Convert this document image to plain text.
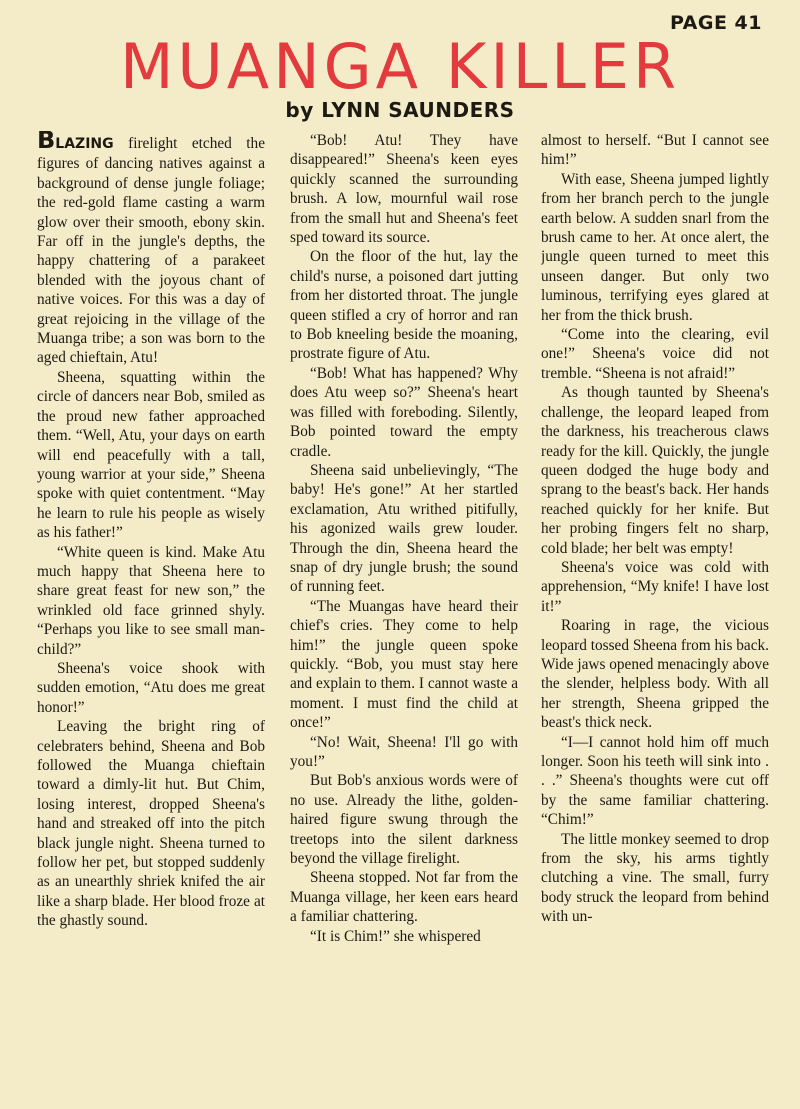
PAGE 41
MUANGA KILLER
by LYNN SAUNDERS

BLAZING firelight etched the figures of dancing natives against a background of dense jungle foliage; the red-gold flame casting a warm glow over their smooth, ebony skin. Far off in the jungle's depths, the happy chattering of a parakeet blended with the joyous chant of native voices. For this was a day of great rejoicing in the village of the Muanga tribe; a son was born to the aged chieftain, Atu!

Sheena, squatting within the circle of dancers near Bob, smiled as the proud new father approached them. “Well, Atu, your days on earth will end peacefully with a tall, young warrior at your side,” Sheena spoke with quiet contentment. “May he learn to rule his people as wisely as his father!”

“White queen is kind. Make Atu much happy that Sheena here to share great feast for new son,” the wrinkled old face grinned shyly. “Perhaps you like to see small man-child?”

Sheena's voice shook with sudden emotion, “Atu does me great honor!”

Leaving the bright ring of celebraters behind, Sheena and Bob followed the Muanga chieftain toward a dimly-lit hut. But Chim, losing interest, dropped Sheena's hand and streaked off into the pitch black jungle night. Sheena turned to follow her pet, but stopped suddenly as an unearthly shriek knifed the air like a sharp blade. Her blood froze at the ghastly sound.

“Bob! Atu! They have disappeared!” Sheena's keen eyes quickly scanned the surrounding brush. A low, mournful wail rose from the small hut and Sheena's feet sped toward its source.

On the floor of the hut, lay the child's nurse, a poisoned dart jutting from her distorted throat. The jungle queen stifled a cry of horror and ran to Bob kneeling beside the moaning, prostrate figure of Atu.

“Bob! What has happened? Why does Atu weep so?” Sheena's heart was filled with foreboding. Silently, Bob pointed toward the empty cradle.

Sheena said unbelievingly, “The baby! He's gone!” At her startled exclamation, Atu writhed pitifully, his agonized wails grew louder. Through the din, Sheena heard the snap of dry jungle brush; the sound of running feet.

“The Muangas have heard their chief's cries. They come to help him!” the jungle queen spoke quickly. “Bob, you must stay here and explain to them. I cannot waste a moment. I must find the child at once!”

“No! Wait, Sheena! I'll go with you!”

But Bob's anxious words were of no use. Already the lithe, golden-haired figure swung through the treetops into the silent darkness beyond the village firelight.

Sheena stopped. Not far from the Muanga village, her keen ears heard a familiar chattering.

“It is Chim!” she whispered

almost to herself. “But I cannot see him!”

With ease, Sheena jumped lightly from her branch perch to the jungle earth below. A sudden snarl from the brush came to her. At once alert, the jungle queen turned to meet this unseen danger. But only two luminous, terrifying eyes glared at her from the thick brush.

“Come into the clearing, evil one!” Sheena's voice did not tremble. “Sheena is not afraid!”

As though taunted by Sheena's challenge, the leopard leaped from the darkness, his treacherous claws ready for the kill. Quickly, the jungle queen dodged the huge body and sprang to the beast's back. Her hands reached quickly for her knife. But her probing fingers felt no sharp, cold blade; her belt was empty!

Sheena's voice was cold with apprehension, “My knife! I have lost it!”

Roaring in rage, the vicious leopard tossed Sheena from his back. Wide jaws opened menacingly above the slender, helpless body. With all her strength, Sheena gripped the beast's thick neck.

“I—I cannot hold him off much longer. Soon his teeth will sink into . . .” Sheena's thoughts were cut off by the same familiar chattering. “Chim!”

The little monkey seemed to drop from the sky, his arms tightly clutching a vine. The small, furry body struck the leopard from behind with un-
